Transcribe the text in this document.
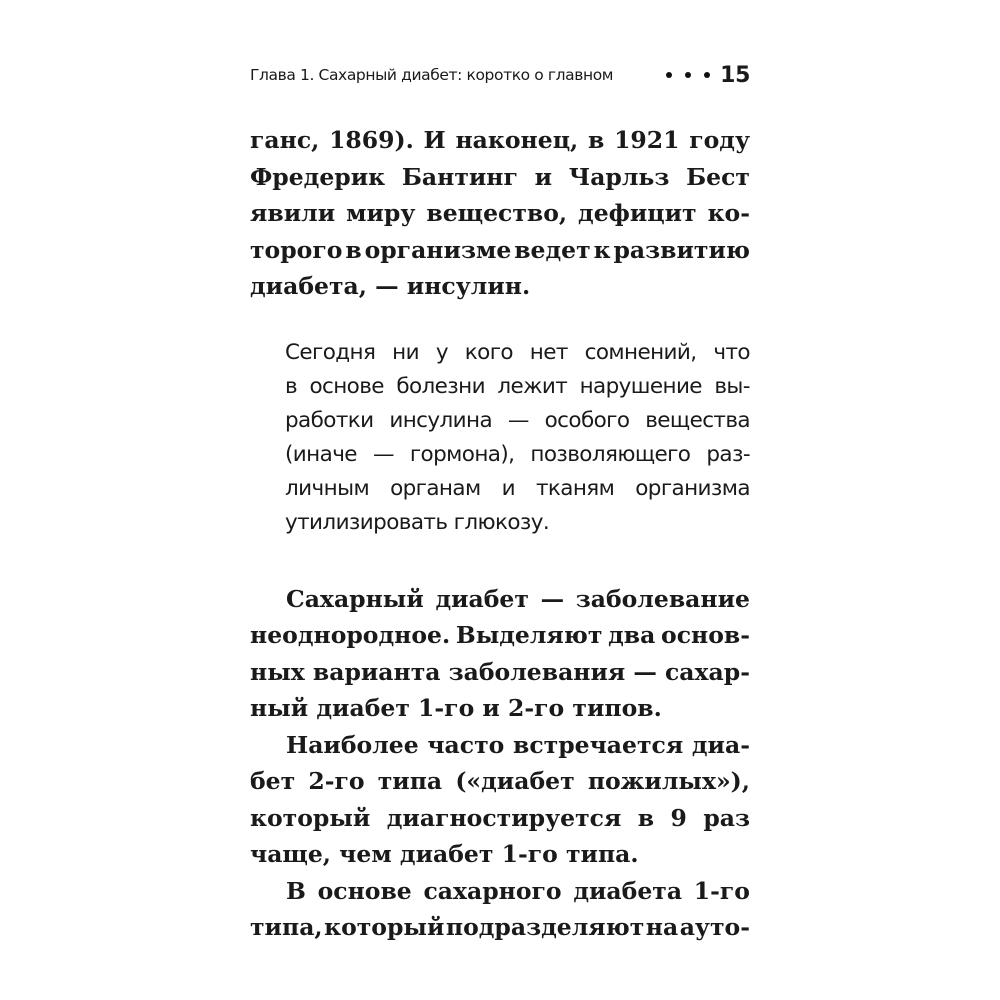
Глава 1. Сахарный диабет: коротко о главном	15
ганс, 1869). И наконец, в 1921 году
Фредерик Бантинг и Чарльз Бест
явили миру вещество, дефицит ко-
торого в организме ведет к развитию
диабета, — инсулин.
Сегодня ни у кого нет сомнений, что
в основе болезни лежит нарушение вы-
работки инсулина — особого вещества
(иначе — гормона), позволяющего раз-
личным органам и тканям организма
утилизировать глюкозу.
Сахарный диабет — заболевание
неоднородное. Выделяют два основ-
ных варианта заболевания — сахар-
ный диабет 1-го и 2-го типов.
Наиболее часто встречается диа-
бет 2-го типа («диабет пожилых»),
который диагностируется в 9 раз
чаще, чем диабет 1-го типа.
В основе сахарного диабета 1-го
типа, который подразделяют на ауто-
